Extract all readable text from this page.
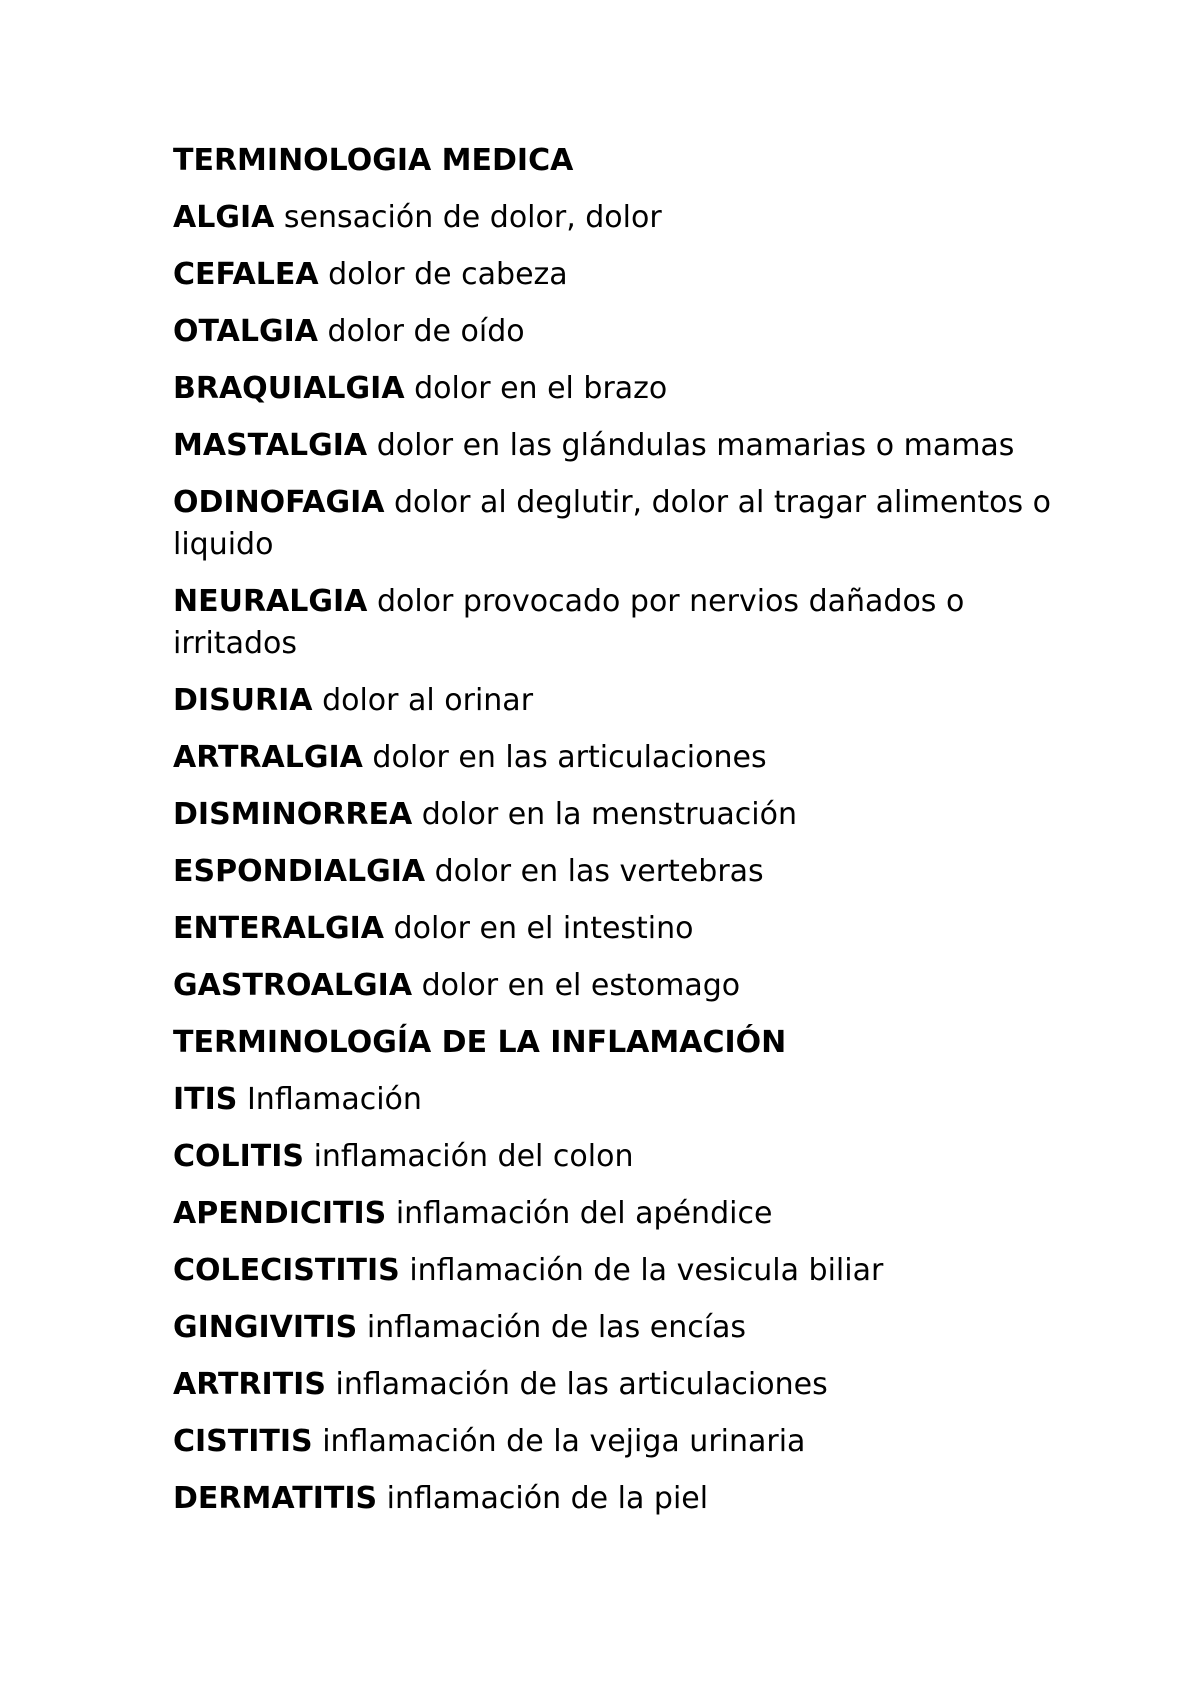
TERMINOLOGIA MEDICA
ALGIA sensación de dolor, dolor
CEFALEA dolor de cabeza
OTALGIA dolor de oído
BRAQUIALGIA dolor en el brazo
MASTALGIA dolor en las glándulas mamarias o mamas
ODINOFAGIA dolor al deglutir, dolor al tragar alimentos o liquido
NEURALGIA dolor provocado por nervios dañados o irritados
DISURIA dolor al orinar
ARTRALGIA dolor en las articulaciones
DISMINORREA dolor en la menstruación
ESPONDIALGIA dolor en las vertebras
ENTERALGIA dolor en el intestino
GASTROALGIA dolor en el estomago
TERMINOLOGÍA DE LA INFLAMACIÓN
ITIS Inflamación
COLITIS inflamación del colon
APENDICITIS inflamación del apéndice
COLECISTITIS inflamación de la vesicula biliar
GINGIVITIS inflamación de las encías
ARTRITIS inflamación de las articulaciones
CISTITIS inflamación de la vejiga urinaria
DERMATITIS inflamación de la piel
